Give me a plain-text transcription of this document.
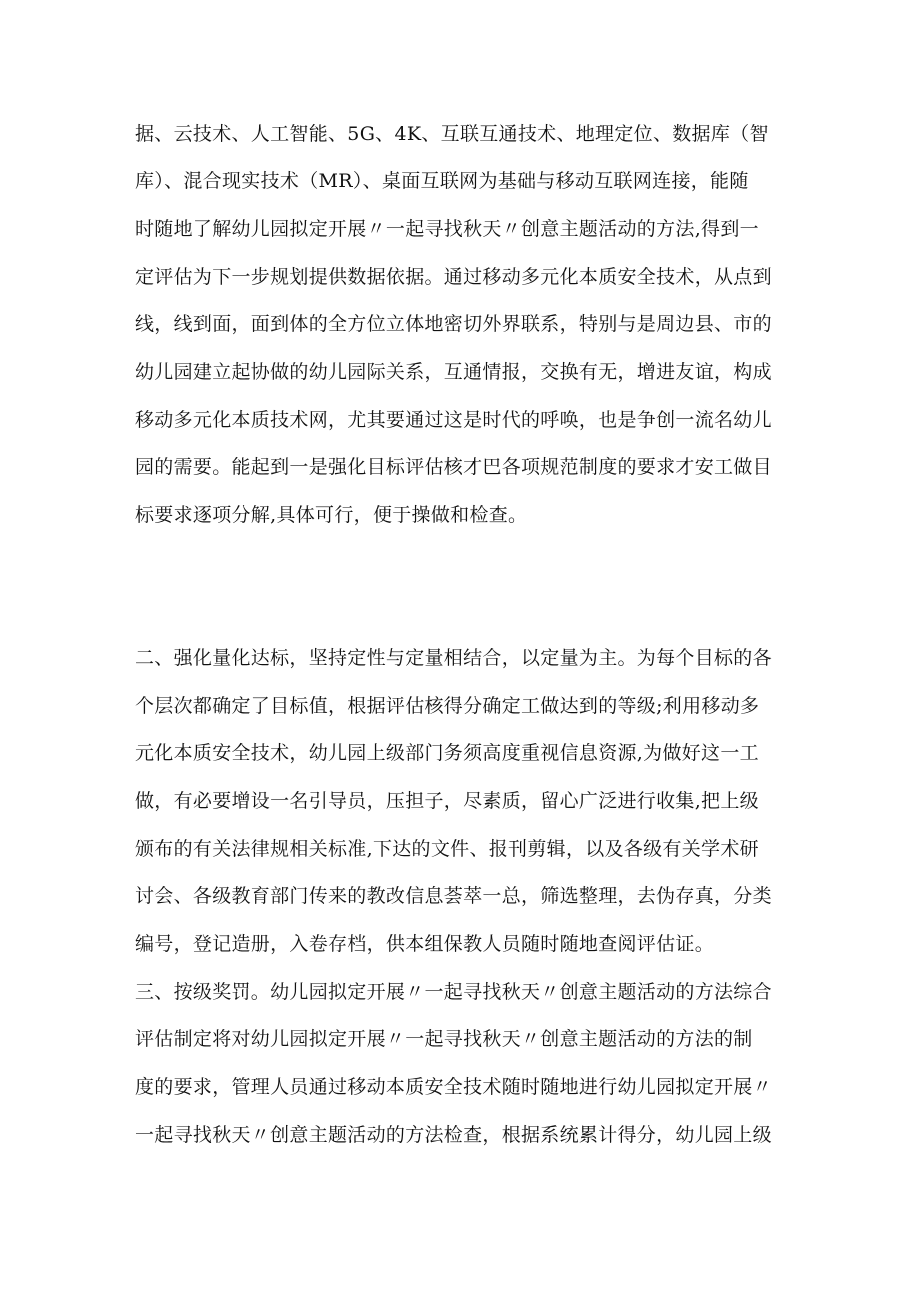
据、云技术、人工智能、5G、4K、互联互通技术、地理定位、数据库（智
库）、混合现实技术（MR）、桌面互联网为基础与移动互联网连接，能随
时随地了解幼儿园拟定开展〃一起寻找秋天〃创意主题活动的方法,得到一
定评估为下一步规划提供数据依据。通过移动多元化本质安全技术，从点到
线，线到面，面到体的全方位立体地密切外界联系，特别与是周边县、市的
幼儿园建立起协做的幼儿园际关系，互通情报，交换有无，增进友谊，构成
移动多元化本质技术网，尤其要通过这是时代的呼唤，也是争创一流名幼儿
园的需要。能起到一是强化目标评估核才巴各项规范制度的要求才安工做目
标要求逐项分解,具体可行，便于操做和检查。
二、强化量化达标，坚持定性与定量相结合，以定量为主。为每个目标的各
个层次都确定了目标值，根据评估核得分确定工做达到的等级;利用移动多
元化本质安全技术，幼儿园上级部门务须高度重视信息资源,为做好这一工
做，有必要增设一名引导员，压担子，尽素质，留心广泛进行收集,把上级
颁布的有关法律规相关标准,下达的文件、报刊剪辑，以及各级有关学术研
讨会、各级教育部门传来的教改信息荟萃一总，筛选整理，去伪存真，分类
编号，登记造册，入卷存档，供本组保教人员随时随地查阅评估证。
三、按级奖罚。幼儿园拟定开展〃一起寻找秋天〃创意主题活动的方法综合
评估制定将对幼儿园拟定开展〃一起寻找秋天〃创意主题活动的方法的制
度的要求，管理人员通过移动本质安全技术随时随地进行幼儿园拟定开展〃
一起寻找秋天〃创意主题活动的方法检查，根据系统累计得分，幼儿园上级
